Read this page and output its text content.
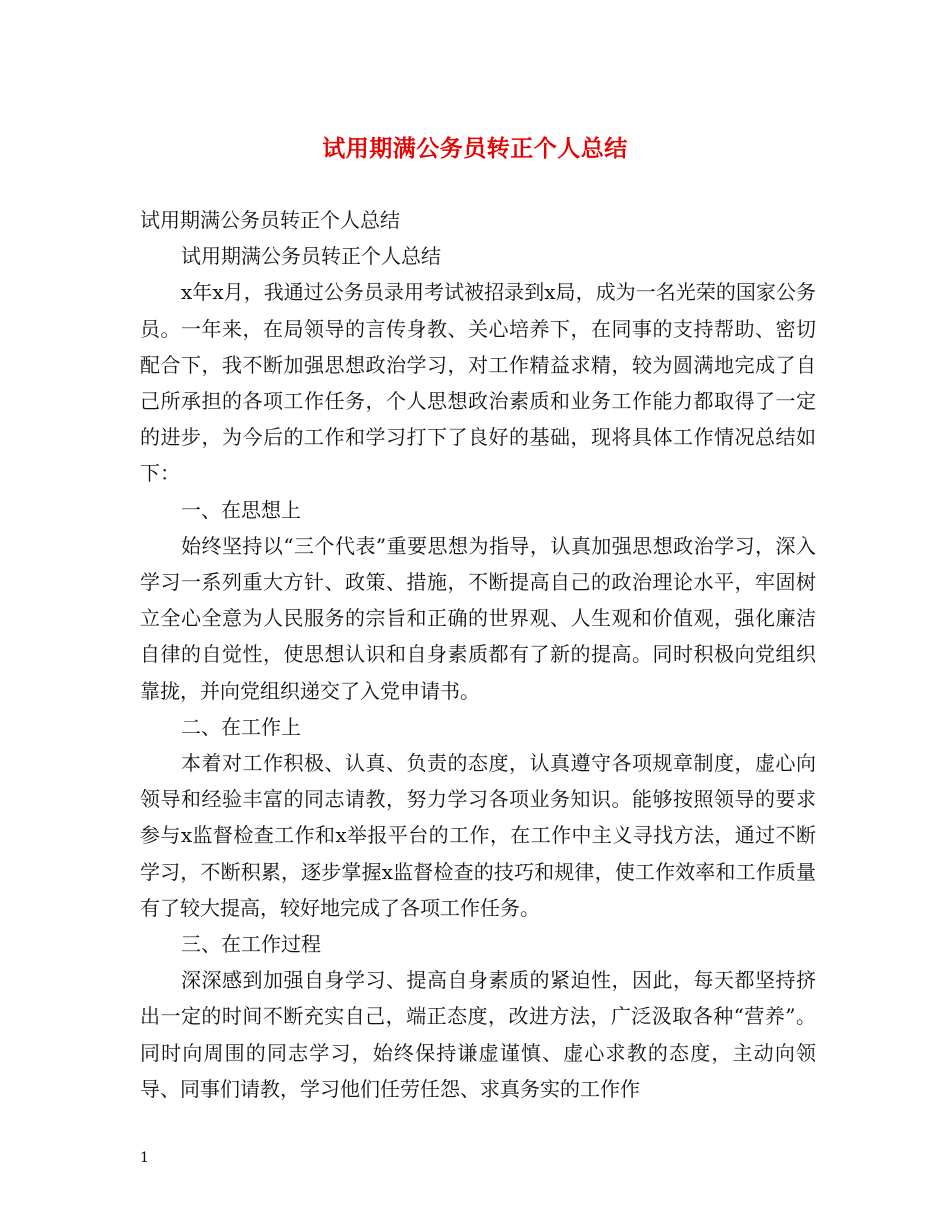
试用期满公务员转正个人总结

试用期满公务员转正个人总结

试用期满公务员转正个人总结

x年x月，我通过公务员录用考试被招录到x局，成为一名光荣的国家公务员。一年来，在局领导的言传身教、关心培养下，在同事的支持帮助、密切配合下，我不断加强思想政治学习，对工作精益求精，较为圆满地完成了自己所承担的各项工作任务，个人思想政治素质和业务工作能力都取得了一定的进步，为今后的工作和学习打下了良好的基础，现将具体工作情况总结如下：

一、在思想上

始终坚持以“三个代表”重要思想为指导，认真加强思想政治学习，深入学习一系列重大方针、政策、措施，不断提高自己的政治理论水平，牢固树立全心全意为人民服务的宗旨和正确的世界观、人生观和价值观，强化廉洁自律的自觉性，使思想认识和自身素质都有了新的提高。同时积极向党组织靠拢，并向党组织递交了入党申请书。

二、在工作上

本着对工作积极、认真、负责的态度，认真遵守各项规章制度，虚心向领导和经验丰富的同志请教，努力学习各项业务知识。能够按照领导的要求参与x监督检查工作和x举报平台的工作，在工作中主义寻找方法，通过不断学习，不断积累，逐步掌握x监督检查的技巧和规律，使工作效率和工作质量有了较大提高，较好地完成了各项工作任务。

三、在工作过程

深深感到加强自身学习、提高自身素质的紧迫性，因此，每天都坚持挤出一定的时间不断充实自己，端正态度，改进方法，广泛汲取各种“营养”。同时向周围的同志学习，始终保持谦虚谨慎、虚心求教的态度，主动向领导、同事们请教，学习他们任劳任怨、求真务实的工作作

1
